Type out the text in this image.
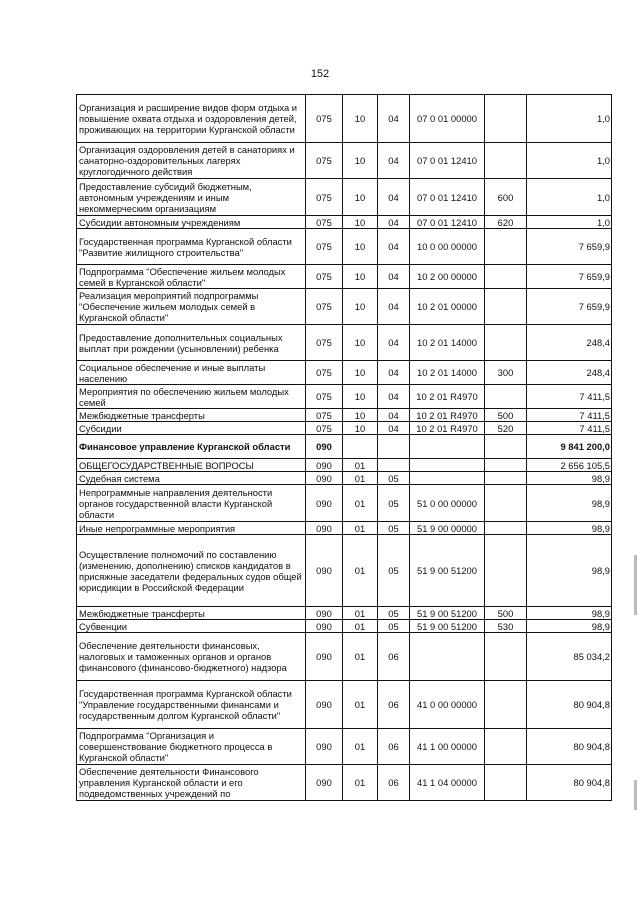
152
Организация и расширение видов форм отдыха и повышение охвата отдыха и оздоровления детей, проживающих на территории Курганской области	075	10	04	07 0 01 00000		1,0
Организация оздоровления детей в санаториях и санаторно-оздоровительных лагерях круглогодичного действия	075	10	04	07 0 01 12410		1,0
Предоставление субсидий бюджетным, автономным учреждениям и иным некоммерческим организациям	075	10	04	07 0 01 12410	600	1,0
Субсидии автономным учреждениям	075	10	04	07 0 01 12410	620	1,0
Государственная программа Курганской области "Развитие жилищного строительства"	075	10	04	10 0 00 00000		7 659,9
Подпрограмма "Обеспечение жильем молодых семей в Курганской области"	075	10	04	10 2 00 00000		7 659,9
Реализация мероприятий подпрограммы "Обеспечение жильем молодых семей в Курганской области"	075	10	04	10 2 01 00000		7 659,9
Предоставление дополнительных социальных выплат при рождении (усыновлении) ребенка	075	10	04	10 2 01 14000		248,4
Социальное обеспечение и иные выплаты населению	075	10	04	10 2 01 14000	300	248,4
Мероприятия по обеспечению жильем молодых семей	075	10	04	10 2 01 R4970		7 411,5
Межбюджетные трансферты	075	10	04	10 2 01 R4970	500	7 411,5
Субсидии	075	10	04	10 2 01 R4970	520	7 411,5
Финансовое управление Курганской области	090					9 841 200,0
ОБЩЕГОСУДАРСТВЕННЫЕ ВОПРОСЫ	090	01				2 656 105,5
Судебная система	090	01	05			98,9
Непрограммные направления деятельности органов государственной власти Курганской области	090	01	05	51 0 00 00000		98,9
Иные непрограммные мероприятия	090	01	05	51 9 00 00000		98,9
Осуществление полномочий по составлению (изменению, дополнению) списков кандидатов в присяжные заседатели федеральных судов общей юрисдикции в Российской Федерации	090	01	05	51 9 00 51200		98,9
Межбюджетные трансферты	090	01	05	51 9 00 51200	500	98,9
Субвенции	090	01	05	51 9 00 51200	530	98,9
Обеспечение деятельности финансовых, налоговых и таможенных органов и органов финансового (финансово-бюджетного) надзора	090	01	06			85 034,2
Государственная программа Курганской области "Управление государственными финансами и государственным долгом Курганской области"	090	01	06	41 0 00 00000		80 904,8
Подпрограмма "Организация и совершенствование бюджетного процесса в Курганской области"	090	01	06	41 1 00 00000		80 904,8
Обеспечение деятельности Финансового управления Курганской области и его подведомственных учреждений по	090	01	06	41 1 04 00000		80 904,8
